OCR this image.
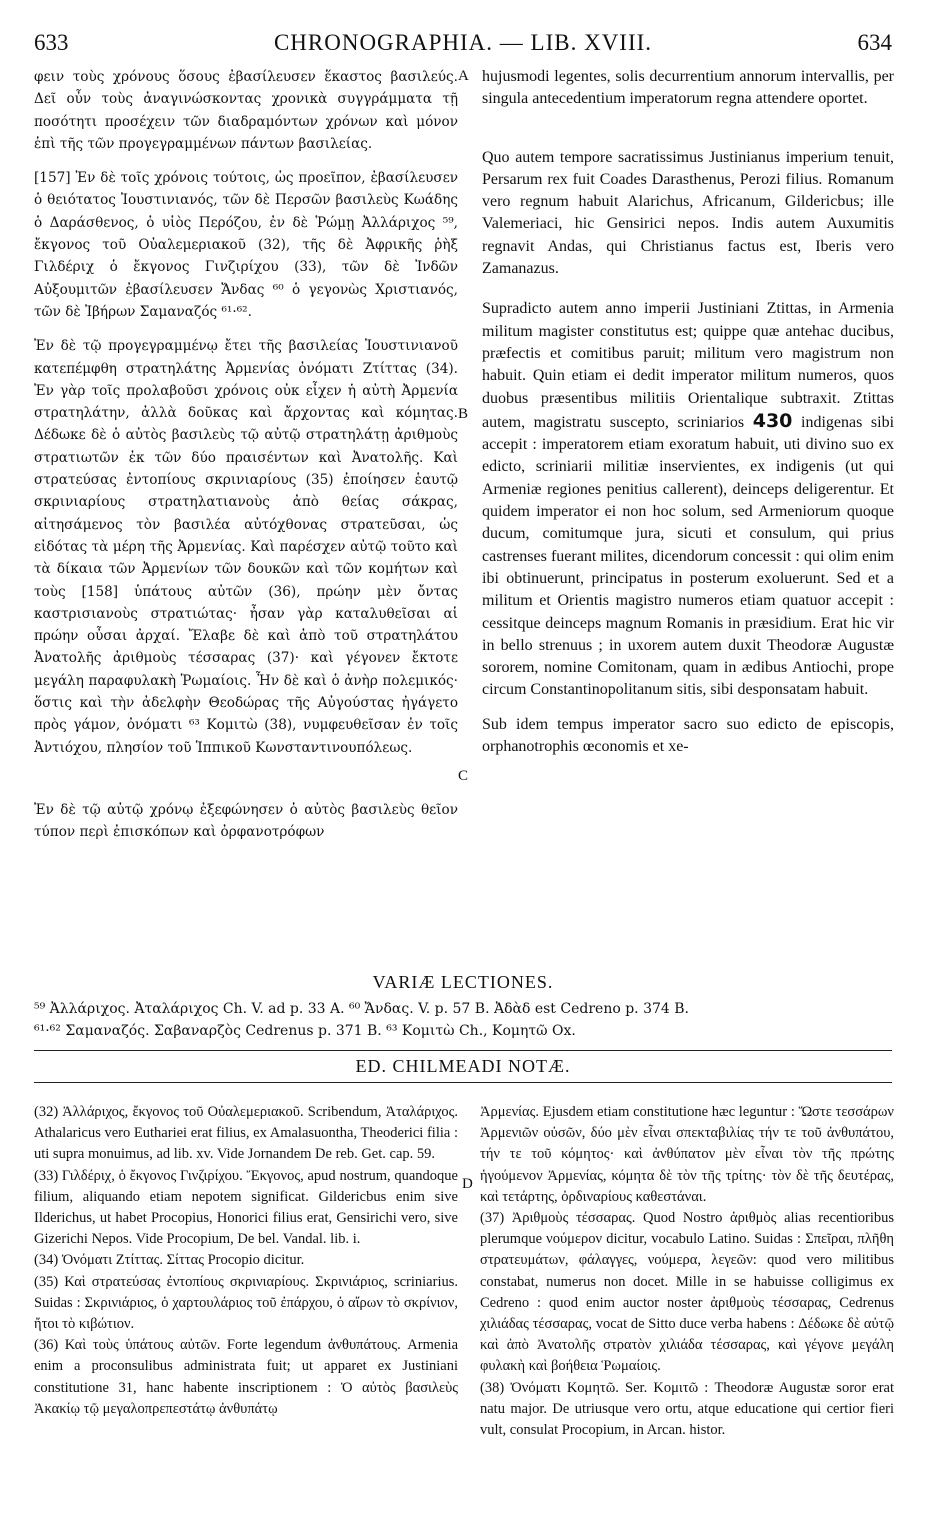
633	CHRONOGRAPHIA. — LIB. XVIII.	634

φειν τοὺς χρόνους ὅσους ἐβασίλευσεν ἕκαστος βασιλεύς. Δεῖ οὖν τοὺς ἀναγινώσκοντας χρονικὰ συγγράμματα τῇ ποσότητι προσέχειν τῶν διαδραμόντων χρόνων καὶ μόνον ἐπὶ τῆς τῶν προγεγραμμένων πάντων βασιλείας.

[157] Ἐν δὲ τοῖς χρόνοις τούτοις, ὡς προεῖπον, ἐβασίλευσεν ὁ θειότατος Ἰουστινιανός, τῶν δὲ Περσῶν βασιλεὺς Κωάδης ὁ Δαράσθενος, ὁ υἱὸς Περόζου, ἐν δὲ Ῥώμῃ Ἀλλάριχος ⁵⁹, ἔκγονος τοῦ Οὐαλεμεριακοῦ (32), τῆς δὲ Ἀφρικῆς ῥὴξ Γιλδέριχ ὁ ἔκγονος Γινζιρίχου (33), τῶν δὲ Ἰνδῶν Αὐξουμιτῶν ἐβασίλευσεν Ἄνδας ⁶⁰ ὁ γεγονὼς Χριστιανός, τῶν δὲ Ἰβήρων Σαμαναζός ⁶¹·⁶².

Ἐν δὲ τῷ προγεγραμμένῳ ἔτει τῆς βασιλείας Ἰουστινιανοῦ κατεπέμφθη στρατηλάτης Ἀρμενίας ὀνόματι Ζτίττας (34). Ἐν γὰρ τοῖς προλαβοῦσι χρόνοις οὐκ εἶχεν ἡ αὐτὴ Ἀρμενία στρατηλάτην, ἀλλὰ δοῦκας καὶ ἄρχοντας καὶ κόμητας. Δέδωκε δὲ ὁ αὐτὸς βασιλεὺς τῷ αὐτῷ στρατηλάτῃ ἀριθμοὺς στρατιωτῶν ἐκ τῶν δύο πραισέντων καὶ Ἀνατολῆς. Καὶ στρατεύσας ἐντοπίους σκρινιαρίους (35) ἐποίησεν ἑαυτῷ σκρινιαρίους στρατηλατιανοὺς ἀπὸ θείας σάκρας, αἰτησάμενος τὸν βασιλέα αὐτόχθονας στρατεῦσαι, ὡς εἰδότας τὰ μέρη τῆς Ἀρμενίας. Καὶ παρέσχεν αὐτῷ τοῦτο καὶ τὰ δίκαια τῶν Ἀρμενίων τῶν δουκῶν καὶ τῶν κομήτων καὶ τοὺς [158] ὑπάτους αὐτῶν (36), πρώην μὲν ὄντας καστρισιανοὺς στρατιώτας· ἦσαν γὰρ καταλυθεῖσαι αἱ πρώην οὖσαι ἀρχαί. Ἔλαβε δὲ καὶ ἀπὸ τοῦ στρατηλάτου Ἀνατολῆς ἀριθμοὺς τέσσαρας (37)· καὶ γέγονεν ἔκτοτε μεγάλη παραφυλακὴ Ῥωμαίοις. Ἦν δὲ καὶ ὁ ἀνὴρ πολεμικός· ὅστις καὶ τὴν ἀδελφὴν Θεοδώρας τῆς Αὐγούστας ἠγάγετο πρὸς γάμον, ὀνόματι ⁶³ Κομιτὼ (38), νυμφευθεῖσαν ἐν τοῖς Ἀντιόχου, πλησίον τοῦ Ἱππικοῦ Κωνσταντινουπόλεως.

Ἐν δὲ τῷ αὐτῷ χρόνῳ ἐξεφώνησεν ὁ αὐτὸς βασιλεὺς θεῖον τύπον περὶ ἐπισκόπων καὶ ὀρφανοτρόφων

A
B
C
D

hujusmodi legentes, solis decurrentium annorum intervallis, per singula antecedentium imperatorum regna attendere oportet.

Quo autem tempore sacratissimus Justinianus imperium tenuit, Persarum rex fuit Coades Darasthenus, Perozi filius. Romanum vero regnum habuit Alarichus, Africanum, Gildericbus; ille Valemeriaci, hic Gensirici nepos. Indis autem Auxumitis regnavit Andas, qui Christianus factus est, Iberis vero Zamanazus.

Supradicto autem anno imperii Justiniani Ztittas, in Armenia militum magister constitutus est; quippe quæ antehac ducibus, præfectis et comitibus paruit; militum vero magistrum non habuit. Quin etiam ei dedit imperator militum numeros, quos duobus præsentibus militiis Orientalique subtraxit. Ztittas autem, magistratu suscepto, scriniarios 430 indigenas sibi accepit : imperatorem etiam exoratum habuit, uti divino suo ex edicto, scriniarii militiæ inservientes, ex indigenis (ut qui Armeniæ regiones penitius callerent), deinceps deligerentur. Et quidem imperator ei non hoc solum, sed Armeniorum quoque ducum, comitumque jura, sicuti et consulum, qui prius castrenses fuerant milites, dicendorum concessit : qui olim enim ibi obtinuerunt, principatus in posterum exoluerunt. Sed et a militum et Orientis magistro numeros etiam quatuor accepit : cessitque deinceps magnum Romanis in præsidium. Erat hic vir in bello strenuus ; in uxorem autem duxit Theodoræ Augustæ sororem, nomine Comitonam, quam in ædibus Antiochi, prope circum Constantinopolitanum sitis, sibi desponsatam habuit.

Sub idem tempus imperator sacro suo edicto de episcopis, orphanotrophis œconomis et xe-

VARIÆ LECTIONES.
⁵⁹ Ἀλλάριχος. Ἀταλάριχος Ch. V. ad p. 33 A. ⁶⁰ Ἄνδας. V. p. 57 B. Ἀδὰδ est Cedreno p. 374 B.
⁶¹·⁶² Σαμαναζός. Σαβαναρζὸς Cedrenus p. 371 B. ⁶³ Κομιτὼ Ch., Κομητῶ Ox.
ED. CHILMEADI NOTÆ.

(32) Ἀλλάριχος, ἔκγονος τοῦ Οὐαλεμεριακοῦ. Scribendum, Ἀταλάριχος. Athalaricus vero Euthariei erat filius, ex Amalasuontha, Theoderici filia : uti supra monuimus, ad lib. xv. Vide Jornandem De reb. Get. cap. 59.

(33) Γιλδέριχ, ὁ ἔκγονος Γινζιρίχου. Ἔκγονος, apud nostrum, quandoque filium, aliquando etiam nepotem significat. Gildericbus enim sive Ilderichus, ut habet Procopius, Honorici filius erat, Gensirichi vero, sive Gizerichi Nepos. Vide Procopium, De bel. Vandal. lib. i.

(34) Ὀνόματι Ζτίττας. Σίττας Procopio dicitur.

(35) Καὶ στρατεύσας ἐντοπίους σκρινιαρίους. Σκρινιάριος, scriniarius. Suidas : Σκρινιάριος, ὁ χαρτουλάριος τοῦ ἐπάρχου, ὁ αἴρων τὸ σκρίνιον, ἤτοι τὸ κιβώτιον.

(36) Καὶ τοὺς ὑπάτους αὐτῶν. Forte legendum ἀνθυπάτους. Armenia enim a proconsulibus administrata fuit; ut apparet ex Justiniani constitutione 31, hanc habente inscriptionem : Ὁ αὐτὸς βασιλεὺς Ἀκακίῳ τῷ μεγαλοπρεπεστάτῳ ἀνθυπάτῳ

Ἀρμενίας. Ejusdem etiam constitutione hæc leguntur : Ὥστε τεσσάρων Ἀρμενιῶν οὐσῶν, δύο μὲν εἶναι σπεκταβιλίας τήν τε τοῦ ἀνθυπάτου, τήν τε τοῦ κόμητος· καὶ ἀνθύπατον μὲν εἶναι τὸν τῆς πρώτης ἡγούμενον Ἀρμενίας, κόμητα δὲ τὸν τῆς τρίτης· τὸν δὲ τῆς δευτέρας, καὶ τετάρτης, ὀρδιναρίους καθεστάναι.

(37) Ἀριθμοὺς τέσσαρας. Quod Nostro ἀριθμὸς alias recentioribus plerumque νούμερον dicitur, vocabulo Latino. Suidas : Σπεῖραι, πλῆθη στρατευμάτων, φάλαγγες, νούμερα, λεγεῶν: quod vero militibus constabat, numerus non docet. Mille in se habuisse colligimus ex Cedreno : quod enim auctor noster ἀριθμοὺς τέσσαρας, Cedrenus χιλιάδας τέσσαρας, vocat de Sitto duce verba habens : Δέδωκε δὲ αὐτῷ καὶ ἀπὸ Ἀνατολῆς στρατὸν χιλιάδα τέσσαρας, καὶ γέγονε μεγάλη φυλακὴ καὶ βοήθεια Ῥωμαίοις.

(38) Ὀνόματι Κομητῶ. Ser. Κομιτῶ : Theodoræ Augustæ soror erat natu major. De utriusque vero ortu, atque educatione qui certior fieri vult, consulat Procopium, in Arcan. histor.
